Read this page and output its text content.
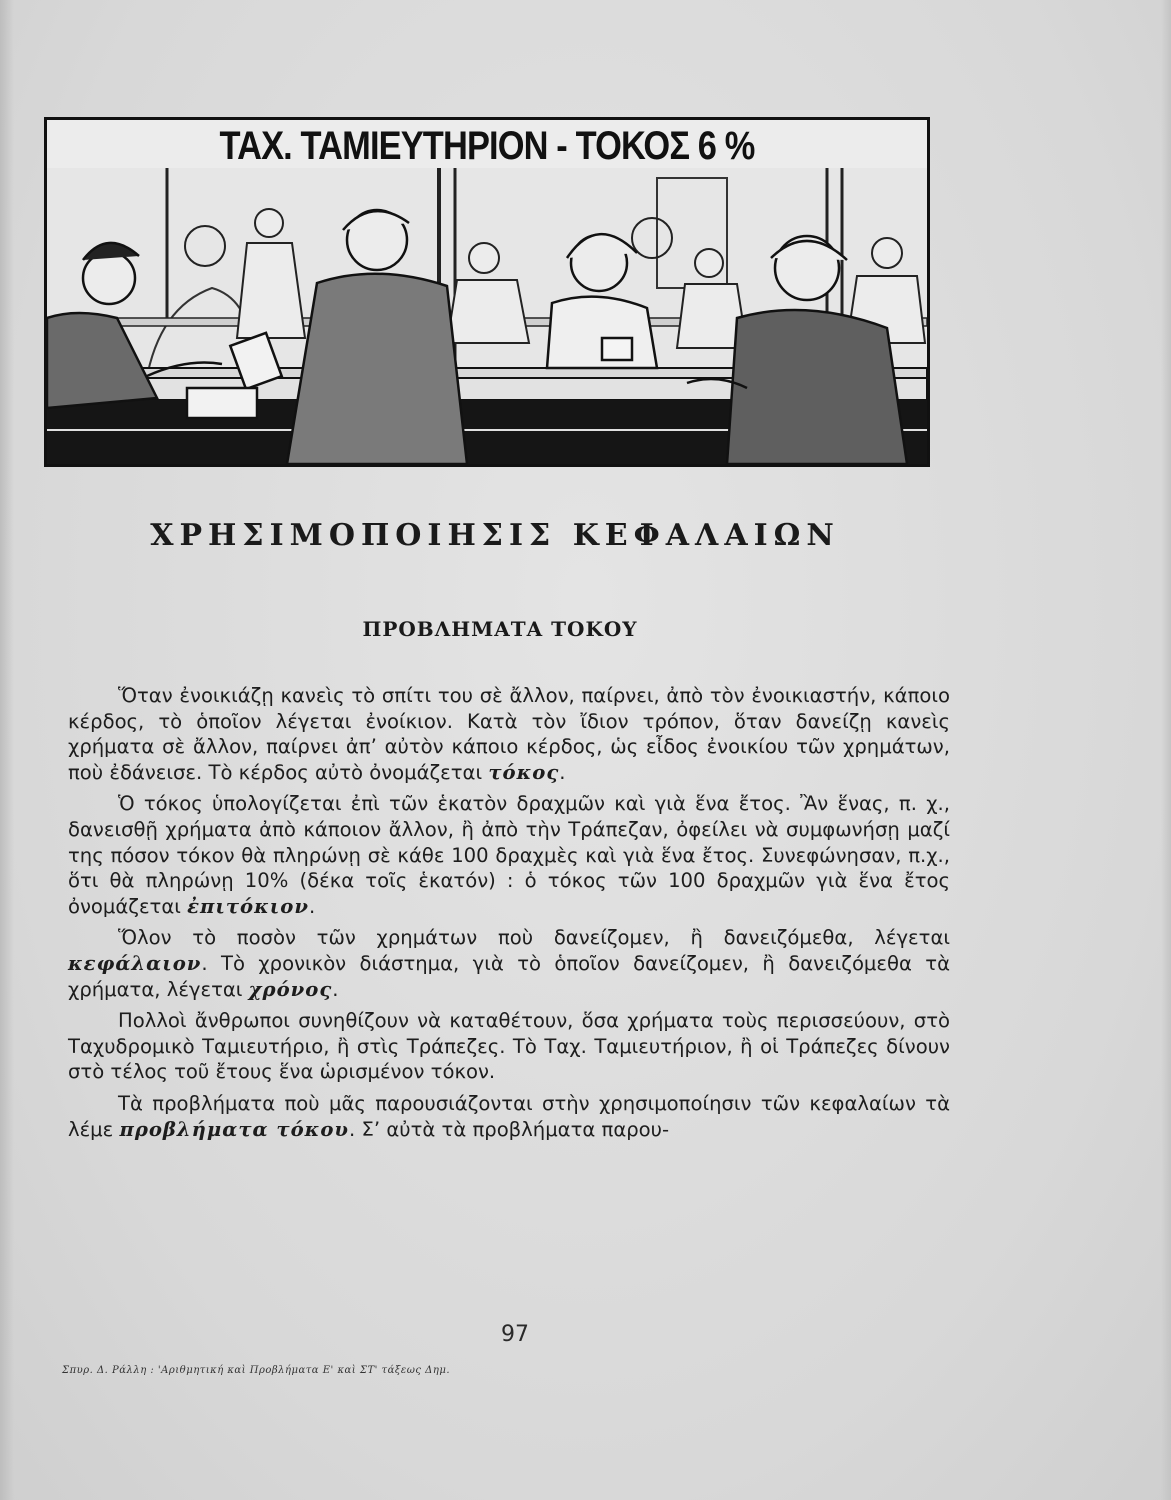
ΤΑΧ. ΤΑΜΙΕΥΤΗΡΙΟΝ - ΤΟΚΟΣ 6 %
ΧΡΗΣΙΜΟΠΟΙΗΣΙΣ ΚΕΦΑΛΑΙΩΝ
ΠΡΟΒΛΗΜΑΤΑ ΤΟΚΟΥ

Ὅταν ἐνοικιάζῃ κανεὶς τὸ σπίτι του σὲ ἄλλον, παίρνει, ἀπὸ τὸν ἐνοικιαστήν, κάποιο κέρδος, τὸ ὁποῖον λέγεται ἐνοίκιον. Κατὰ τὸν ἴδιον τρόπον, ὅταν δανείζῃ κανεὶς χρήματα σὲ ἄλλον, παίρνει ἀπ’ αὐτὸν κάποιο κέρδος, ὡς εἶδος ἐνοικίου τῶν χρημάτων, ποὺ ἐδάνεισε. Τὸ κέρδος αὐτὸ ὀνομάζεται τόκος.

Ὁ τόκος ὑπολογίζεται ἐπὶ τῶν ἑκατὸν δραχμῶν καὶ γιὰ ἕνα ἔτος. Ἂν ἕνας, π. χ., δανεισθῇ χρήματα ἀπὸ κάποιον ἄλλον, ἢ ἀπὸ τὴν Τράπεζαν, ὀφείλει νὰ συμφωνήσῃ μαζί της πόσον τόκον θὰ πληρώνῃ σὲ κάθε 100 δραχμὲς καὶ γιὰ ἕνα ἔτος. Συνεφώνησαν, π.χ., ὅτι θὰ πληρώνῃ 10% (δέκα τοῖς ἑκατόν) : ὁ τόκος τῶν 100 δραχμῶν γιὰ ἕνα ἔτος ὀνομάζεται ἐπιτόκιον.

Ὅλον τὸ ποσὸν τῶν χρημάτων ποὺ δανείζομεν, ἢ δανειζόμεθα, λέγεται κεφάλαιον. Τὸ χρονικὸν διάστημα, γιὰ τὸ ὁποῖον δανείζομεν, ἢ δανειζόμεθα τὰ χρήματα, λέγεται χρόνος.

Πολλοὶ ἄνθρωποι συνηθίζουν νὰ καταθέτουν, ὅσα χρήματα τοὺς περισσεύουν, στὸ Ταχυδρομικὸ Ταμιευτήριο, ἢ στὶς Τράπεζες. Τὸ Ταχ. Ταμιευτήριον, ἢ οἱ Τράπεζες δίνουν στὸ τέλος τοῦ ἔτους ἕνα ὡρισμένον τόκον.

Τὰ προβλήματα ποὺ μᾶς παρουσιάζονται στὴν χρησιμοποίησιν τῶν κεφαλαίων τὰ λέμε προβλήματα τόκου. Σ’ αὐτὰ τὰ προβλήματα παρου-

97
Σπυρ. Δ. Ράλλη : 'Αριθμητική καὶ Προβλήματα Ε' καὶ ΣΤ' τάξεως Δημ.
